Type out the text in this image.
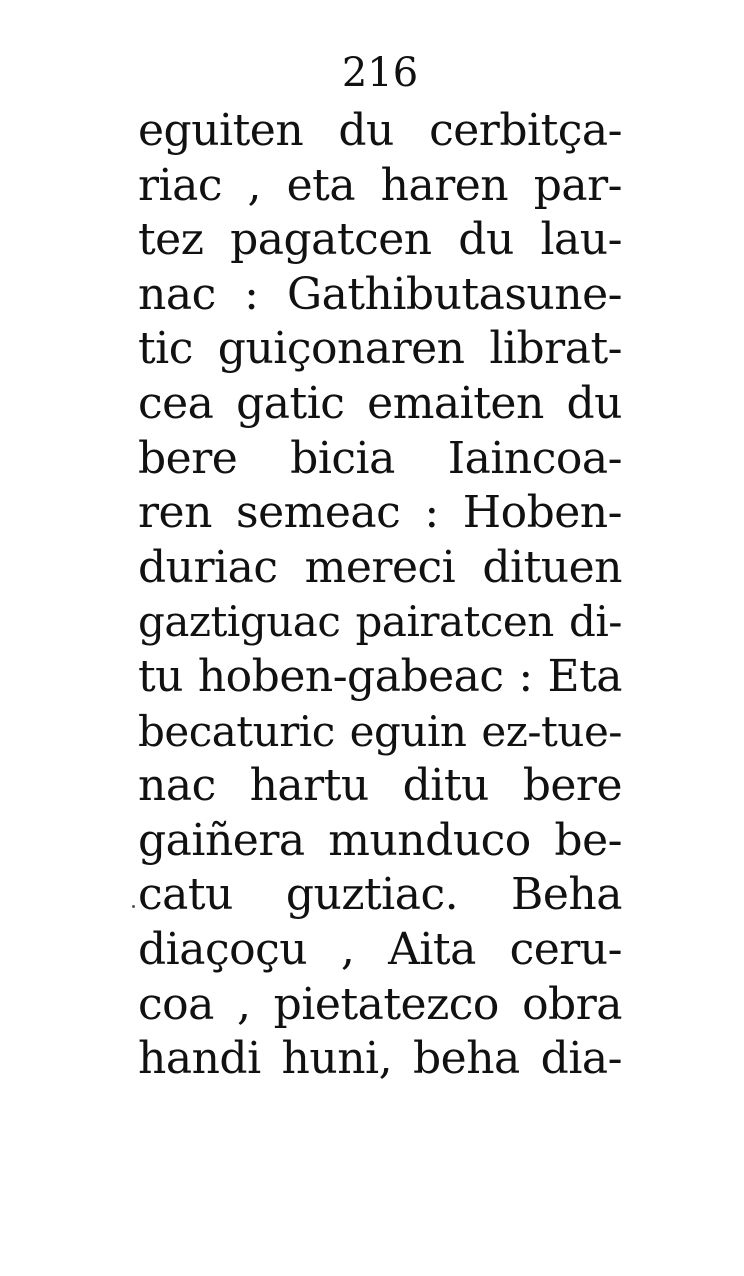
216
eguiten du cerbitça-
riac , eta haren par-
tez pagatcen du lau-
nac : Gathibutasune-
tic guiçonaren librat-
cea gatic emaiten du
bere bicia Iaincoa-
ren semeac : Hoben-
duriac mereci dituen
gaztiguac pairatcen di-
tu hoben-gabeac : Eta
becaturic eguin ez-tue-
nac hartu ditu bere
gaiñera munduco be-
catu guztiac. Beha
diaçoçu , Aita ceru-
coa , pietatezco obra
handi huni, beha dia-
